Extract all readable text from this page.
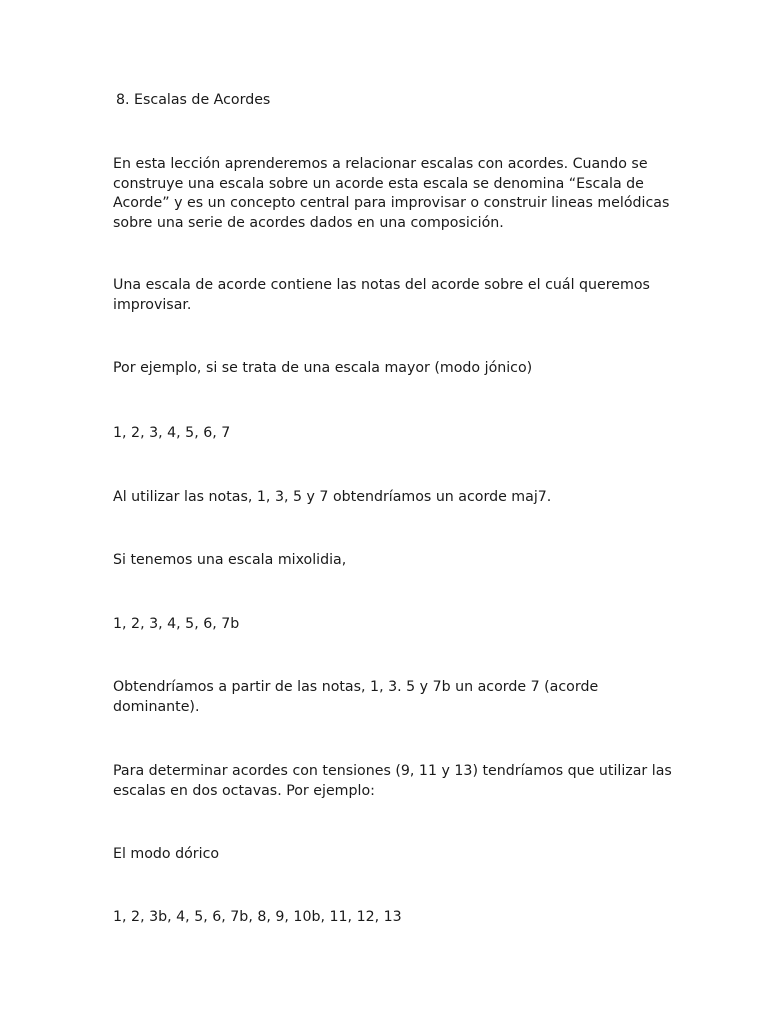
8. Escalas de Acordes

En esta lección aprenderemos a relacionar escalas con acordes. Cuando se construye una escala sobre un acorde esta escala se denomina “Escala de Acorde” y es un concepto central para improvisar o construir lineas melódicas sobre una serie de acordes dados en una composición.

Una escala de acorde contiene las notas del acorde sobre el cuál queremos improvisar.

Por ejemplo, si se trata de una escala mayor (modo jónico)

1, 2, 3, 4, 5, 6, 7

Al utilizar las notas, 1, 3, 5 y 7 obtendríamos un acorde maj7.

Si tenemos una escala mixolidia,

1, 2, 3, 4, 5, 6, 7b

Obtendríamos a partir de las notas, 1, 3. 5 y 7b un acorde 7 (acorde dominante).

Para determinar acordes con tensiones (9, 11 y 13) tendríamos que utilizar las escalas en dos octavas. Por ejemplo:

El modo dórico

1, 2, 3b, 4, 5, 6, 7b, 8, 9, 10b, 11, 12, 13
